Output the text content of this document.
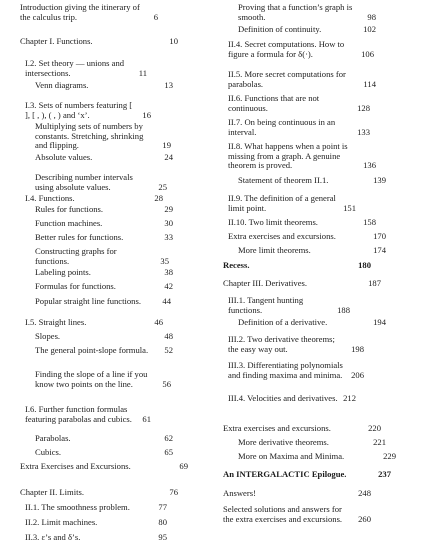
Introduction giving the itinerary of the calculus trip.	6
Chapter I. Functions.	10
I.2. Set theory — unions and intersections.	11
Venn diagrams.	13
I.3. Sets of numbers featuring [ ], [ , ), ( , ) and ‘x’.	16
Multiplying sets of numbers by constants. Stretching, shrinking and flipping.	19
Absolute values.	24
Describing number intervals using absolute values.	25
I.4. Functions.	28
Rules for functions.	29
Function machines.	30
Better rules for functions.	33
Constructing graphs for functions.	35
Labeling points.	38
Formulas for functions.	42
Popular straight line functions.	44
I.5. Straight lines.	46
Slopes.	48
The general point-slope formula.	52
Finding the slope of a line if you know two points on the line.	56
I.6. Further function formulas featuring parabolas and cubics.	61
Parabolas.	62
Cubics.	65
Extra Exercises and Excursions.	69
Chapter II. Limits.	76
II.1. The smoothness problem.	77
II.2. Limit machines.	80
II.3. ε’s and δ’s.	95
Proving that a function’s graph is smooth.	98
Definition of continuity.	102
II.4. Secret computations. How to figure a formula for δ(·).	106
II.5. More secret computations for parabolas.	114
II.6. Functions that are not continuous.	128
II.7. On being continuous in an interval.	133
II.8. What happens when a point is missing from a graph. A genuine theorem is proved.	136
Statement of theorem II.1.	139
II.9. The definition of a general limit point.	151
II.10. Two limit theorems.	158
Extra exercises and excursions.	170
More limit theorems.	174
Recess.	180
Chapter III. Derivatives.	187
III.1. Tangent hunting functions.	188
Definition of a derivative.	194
III.2. Two derivative theorems; the easy way out.	198
III.3. Differentiating polynomials and finding maxima and minima.	206
III.4. Velocities and derivatives. 212
Extra exercises and excursions.	220
More derivative theorems.	221
More on Maxima and Minima.	229
An INTERGALACTIC Epilogue.	237
Answers!	248
Selected solutions and answers for the extra exercises and excursions.	260
